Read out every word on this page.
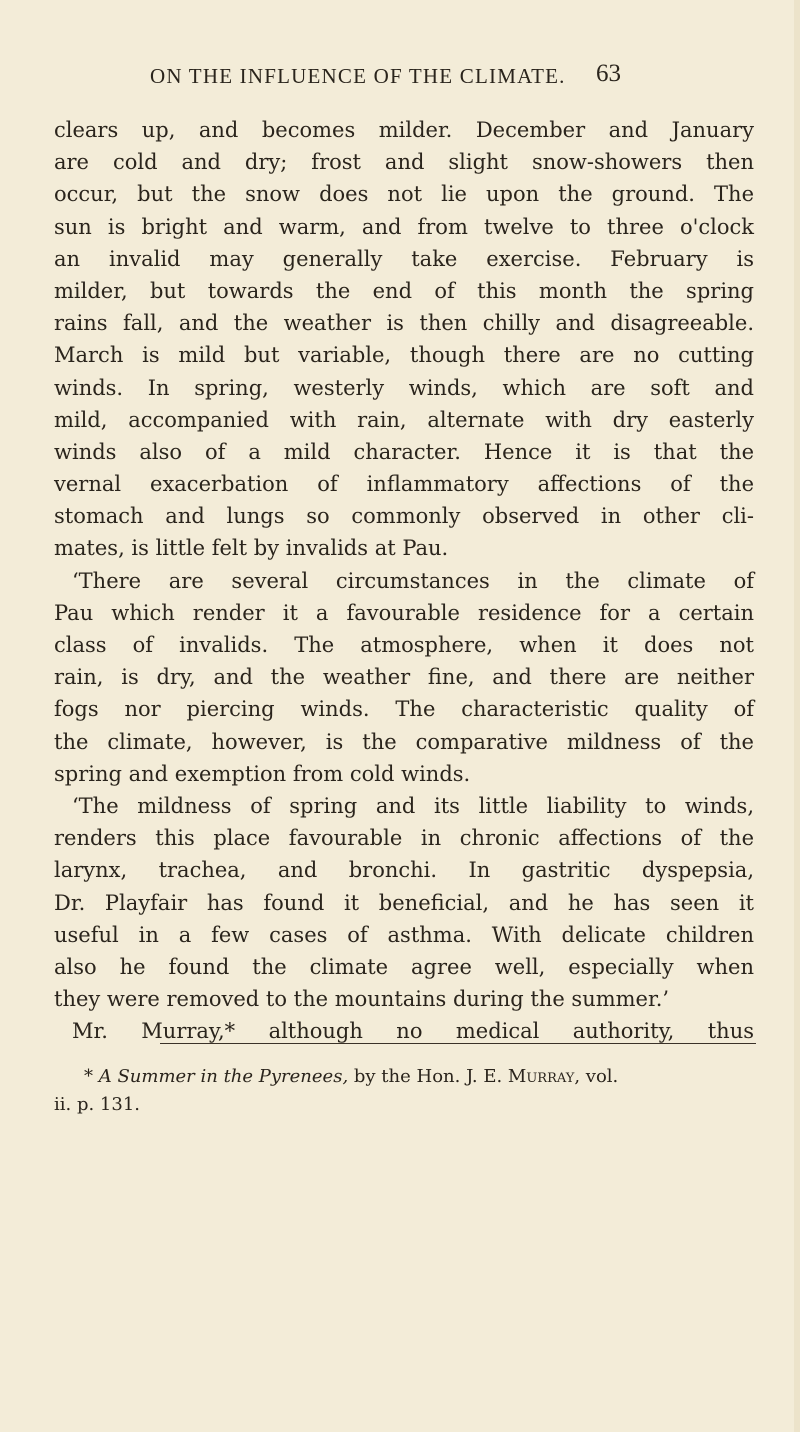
ON THE INFLUENCE OF THE CLIMATE. 63
clears up, and becomes milder. December and January
are cold and dry; frost and slight snow-showers then
occur, but the snow does not lie upon the ground. The
sun is bright and warm, and from twelve to three o'clock
an invalid may generally take exercise. February is
milder, but towards the end of this month the spring
rains fall, and the weather is then chilly and disagreeable.
March is mild but variable, though there are no cutting
winds. In spring, westerly winds, which are soft and
mild, accompanied with rain, alternate with dry easterly
winds also of a mild character. Hence it is that the
vernal exacerbation of inflammatory affections of the
stomach and lungs so commonly observed in other cli-
mates, is little felt by invalids at Pau.
‘There are several circumstances in the climate of
Pau which render it a favourable residence for a certain
class of invalids. The atmosphere, when it does not
rain, is dry, and the weather fine, and there are neither
fogs nor piercing winds. The characteristic quality of
the climate, however, is the comparative mildness of the
spring and exemption from cold winds.
‘The mildness of spring and its little liability to winds,
renders this place favourable in chronic affections of the
larynx, trachea, and bronchi. In gastritic dyspepsia,
Dr. Playfair has found it beneficial, and he has seen it
useful in a few cases of asthma. With delicate children
also he found the climate agree well, especially when
they were removed to the mountains during the summer.’
Mr. Murray,* although no medical authority, thus
* A Summer in the Pyrenees, by the Hon. J. E. Murray, vol.
ii. p. 131.
